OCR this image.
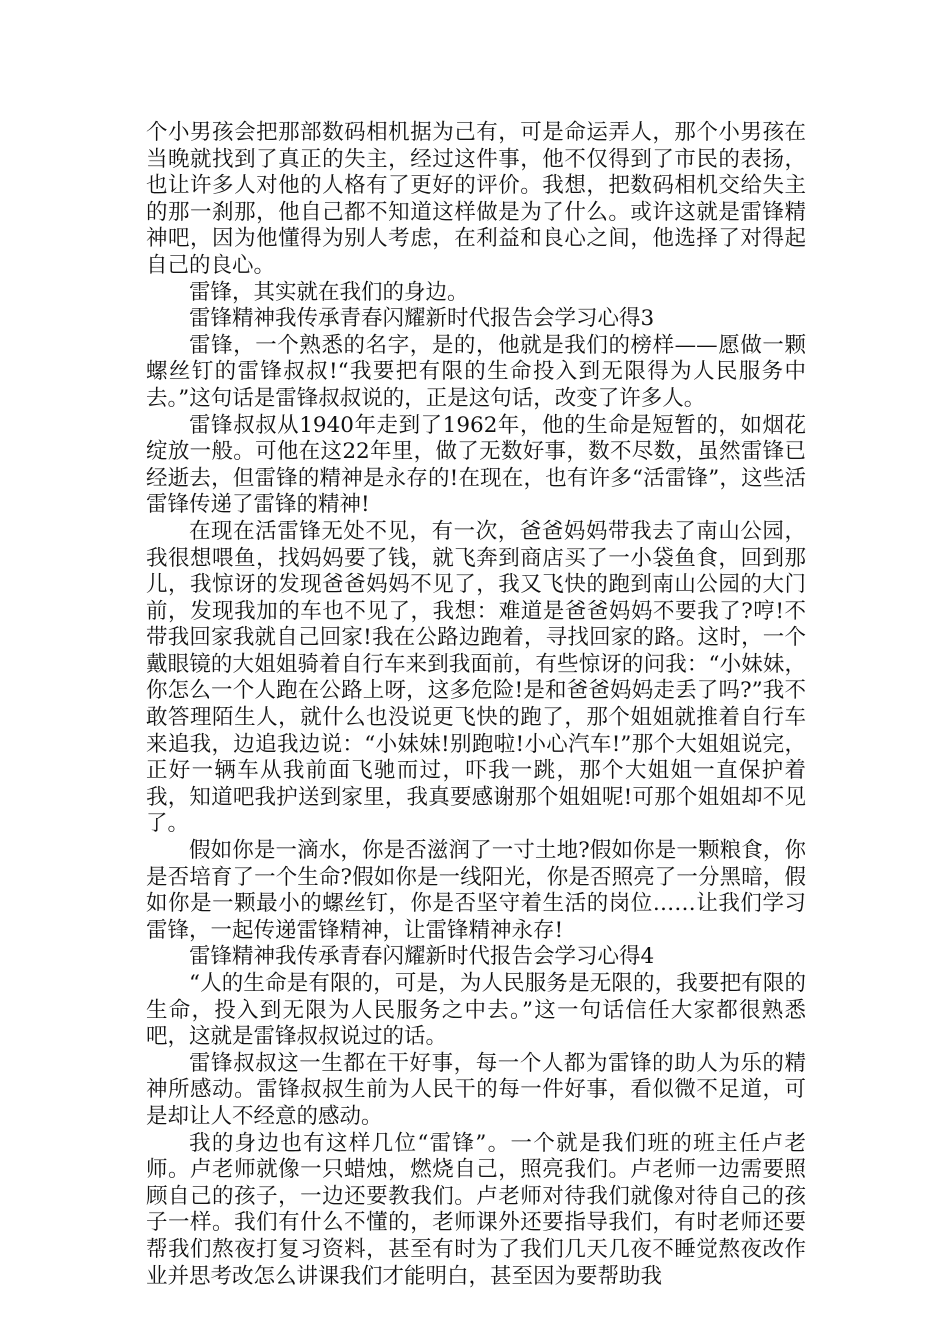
个小男孩会把那部数码相机据为己有，可是命运弄人，那个小男孩在当晚就找到了真正的失主，经过这件事，他不仅得到了市民的表扬，也让许多人对他的人格有了更好的评价。我想，把数码相机交给失主的那一刹那，他自己都不知道这样做是为了什么。或许这就是雷锋精神吧，因为他懂得为别人考虑，在利益和良心之间，他选择了对得起自己的良心。

雷锋，其实就在我们的身边。

雷锋精神我传承青春闪耀新时代报告会学习心得3

雷锋，一个熟悉的名字，是的，他就是我们的榜样——愿做一颗螺丝钉的雷锋叔叔!“我要把有限的生命投入到无限得为人民服务中去。”这句话是雷锋叔叔说的，正是这句话，改变了许多人。

雷锋叔叔从1940年走到了1962年，他的生命是短暂的，如烟花绽放一般。可他在这22年里，做了无数好事，数不尽数，虽然雷锋已经逝去，但雷锋的精神是永存的!在现在，也有许多“活雷锋”，这些活雷锋传递了雷锋的精神!

在现在活雷锋无处不见，有一次，爸爸妈妈带我去了南山公园，我很想喂鱼，找妈妈要了钱，就飞奔到商店买了一小袋鱼食，回到那儿，我惊讶的发现爸爸妈妈不见了，我又飞快的跑到南山公园的大门前，发现我加的车也不见了，我想：难道是爸爸妈妈不要我了?哼!不带我回家我就自己回家!我在公路边跑着，寻找回家的路。这时，一个戴眼镜的大姐姐骑着自行车来到我面前，有些惊讶的问我：“小妹妹，你怎么一个人跑在公路上呀，这多危险!是和爸爸妈妈走丢了吗?”我不敢答理陌生人，就什么也没说更飞快的跑了，那个姐姐就推着自行车来追我，边追我边说：“小妹妹!别跑啦!小心汽车!”那个大姐姐说完，正好一辆车从我前面飞驰而过，吓我一跳，那个大姐姐一直保护着我，知道吧我护送到家里，我真要感谢那个姐姐呢!可那个姐姐却不见了。

假如你是一滴水，你是否滋润了一寸土地?假如你是一颗粮食，你是否培育了一个生命?假如你是一线阳光，你是否照亮了一分黑暗，假如你是一颗最小的螺丝钉，你是否坚守着生活的岗位……让我们学习雷锋，一起传递雷锋精神，让雷锋精神永存!

雷锋精神我传承青春闪耀新时代报告会学习心得4

“人的生命是有限的，可是，为人民服务是无限的，我要把有限的生命，投入到无限为人民服务之中去。”这一句话信任大家都很熟悉吧，这就是雷锋叔叔说过的话。

雷锋叔叔这一生都在干好事，每一个人都为雷锋的助人为乐的精神所感动。雷锋叔叔生前为人民干的每一件好事，看似微不足道，可是却让人不经意的感动。

我的身边也有这样几位“雷锋”。一个就是我们班的班主任卢老师。卢老师就像一只蜡烛，燃烧自己，照亮我们。卢老师一边需要照顾自己的孩子，一边还要教我们。卢老师对待我们就像对待自己的孩子一样。我们有什么不懂的，老师课外还要指导我们，有时老师还要帮我们熬夜打复习资料，甚至有时为了我们几天几夜不睡觉熬夜改作业并思考改怎么讲课我们才能明白，甚至因为要帮助我
